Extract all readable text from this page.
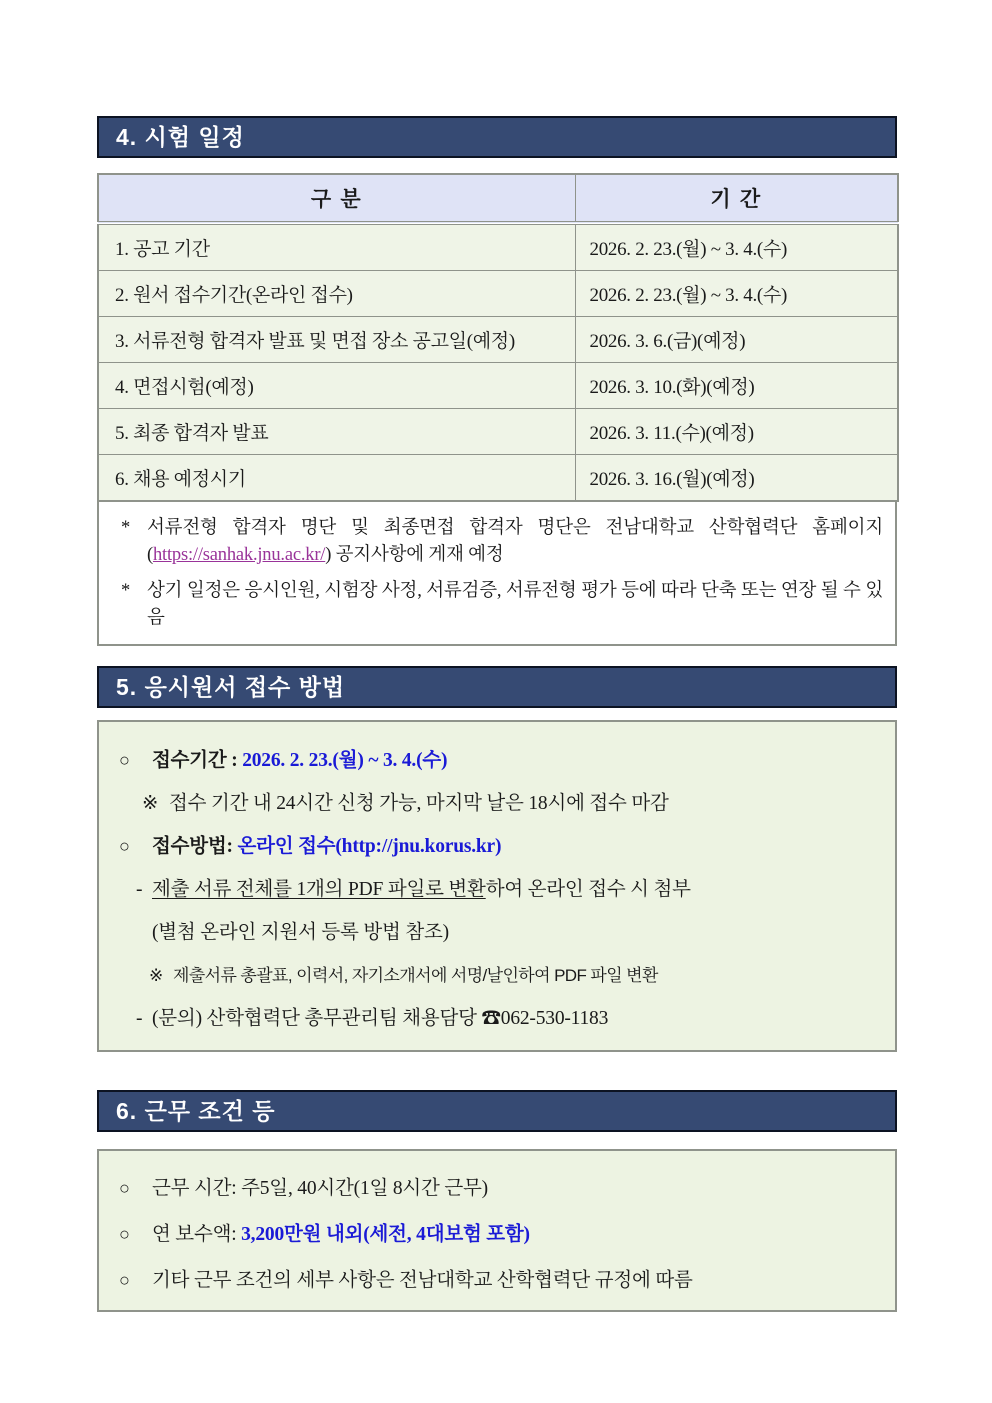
4. 시험 일정
구 분	기 간
1. 공고 기간	2026. 2. 23.(월) ~ 3. 4.(수)
2. 원서 접수기간(온라인 접수)	2026. 2. 23.(월) ~ 3. 4.(수)
3. 서류전형 합격자 발표 및 면접 장소 공고일(예정)	2026. 3. 6.(금)(예정)
4. 면접시험(예정)	2026. 3. 10.(화)(예정)
5. 최종 합격자 발표	2026. 3. 11.(수)(예정)
6. 채용 예정시기	2026. 3. 16.(월)(예정)
* 서류전형 합격자 명단 및 최종면접 합격자 명단은 전남대학교 산학협력단 홈페이지 (https://sanhak.jnu.ac.kr/) 공지사항에 게재 예정
* 상기 일정은 응시인원, 시험장 사정, 서류검증, 서류전형 평가 등에 따라 단축 또는 연장 될 수 있음
5. 응시원서 접수 방법
○ 접수기간 : 2026. 2. 23.(월) ~ 3. 4.(수)
※ 접수 기간 내 24시간 신청 가능, 마지막 날은 18시에 접수 마감
○ 접수방법: 온라인 접수(http://jnu.korus.kr)
- 제출 서류 전체를 1개의 PDF 파일로 변환하여 온라인 접수 시 첨부
(별첨 온라인 지원서 등록 방법 참조)
※ 제출서류 총괄표, 이력서, 자기소개서에 서명/날인하여 PDF 파일 변환
- (문의) 산학협력단 총무관리팀 채용담당 ☎062-530-1183
6. 근무 조건 등
○ 근무 시간: 주5일, 40시간(1일 8시간 근무)
○ 연 보수액: 3,200만원 내외(세전, 4대보험 포함)
○ 기타 근무 조건의 세부 사항은 전남대학교 산학협력단 규정에 따름
